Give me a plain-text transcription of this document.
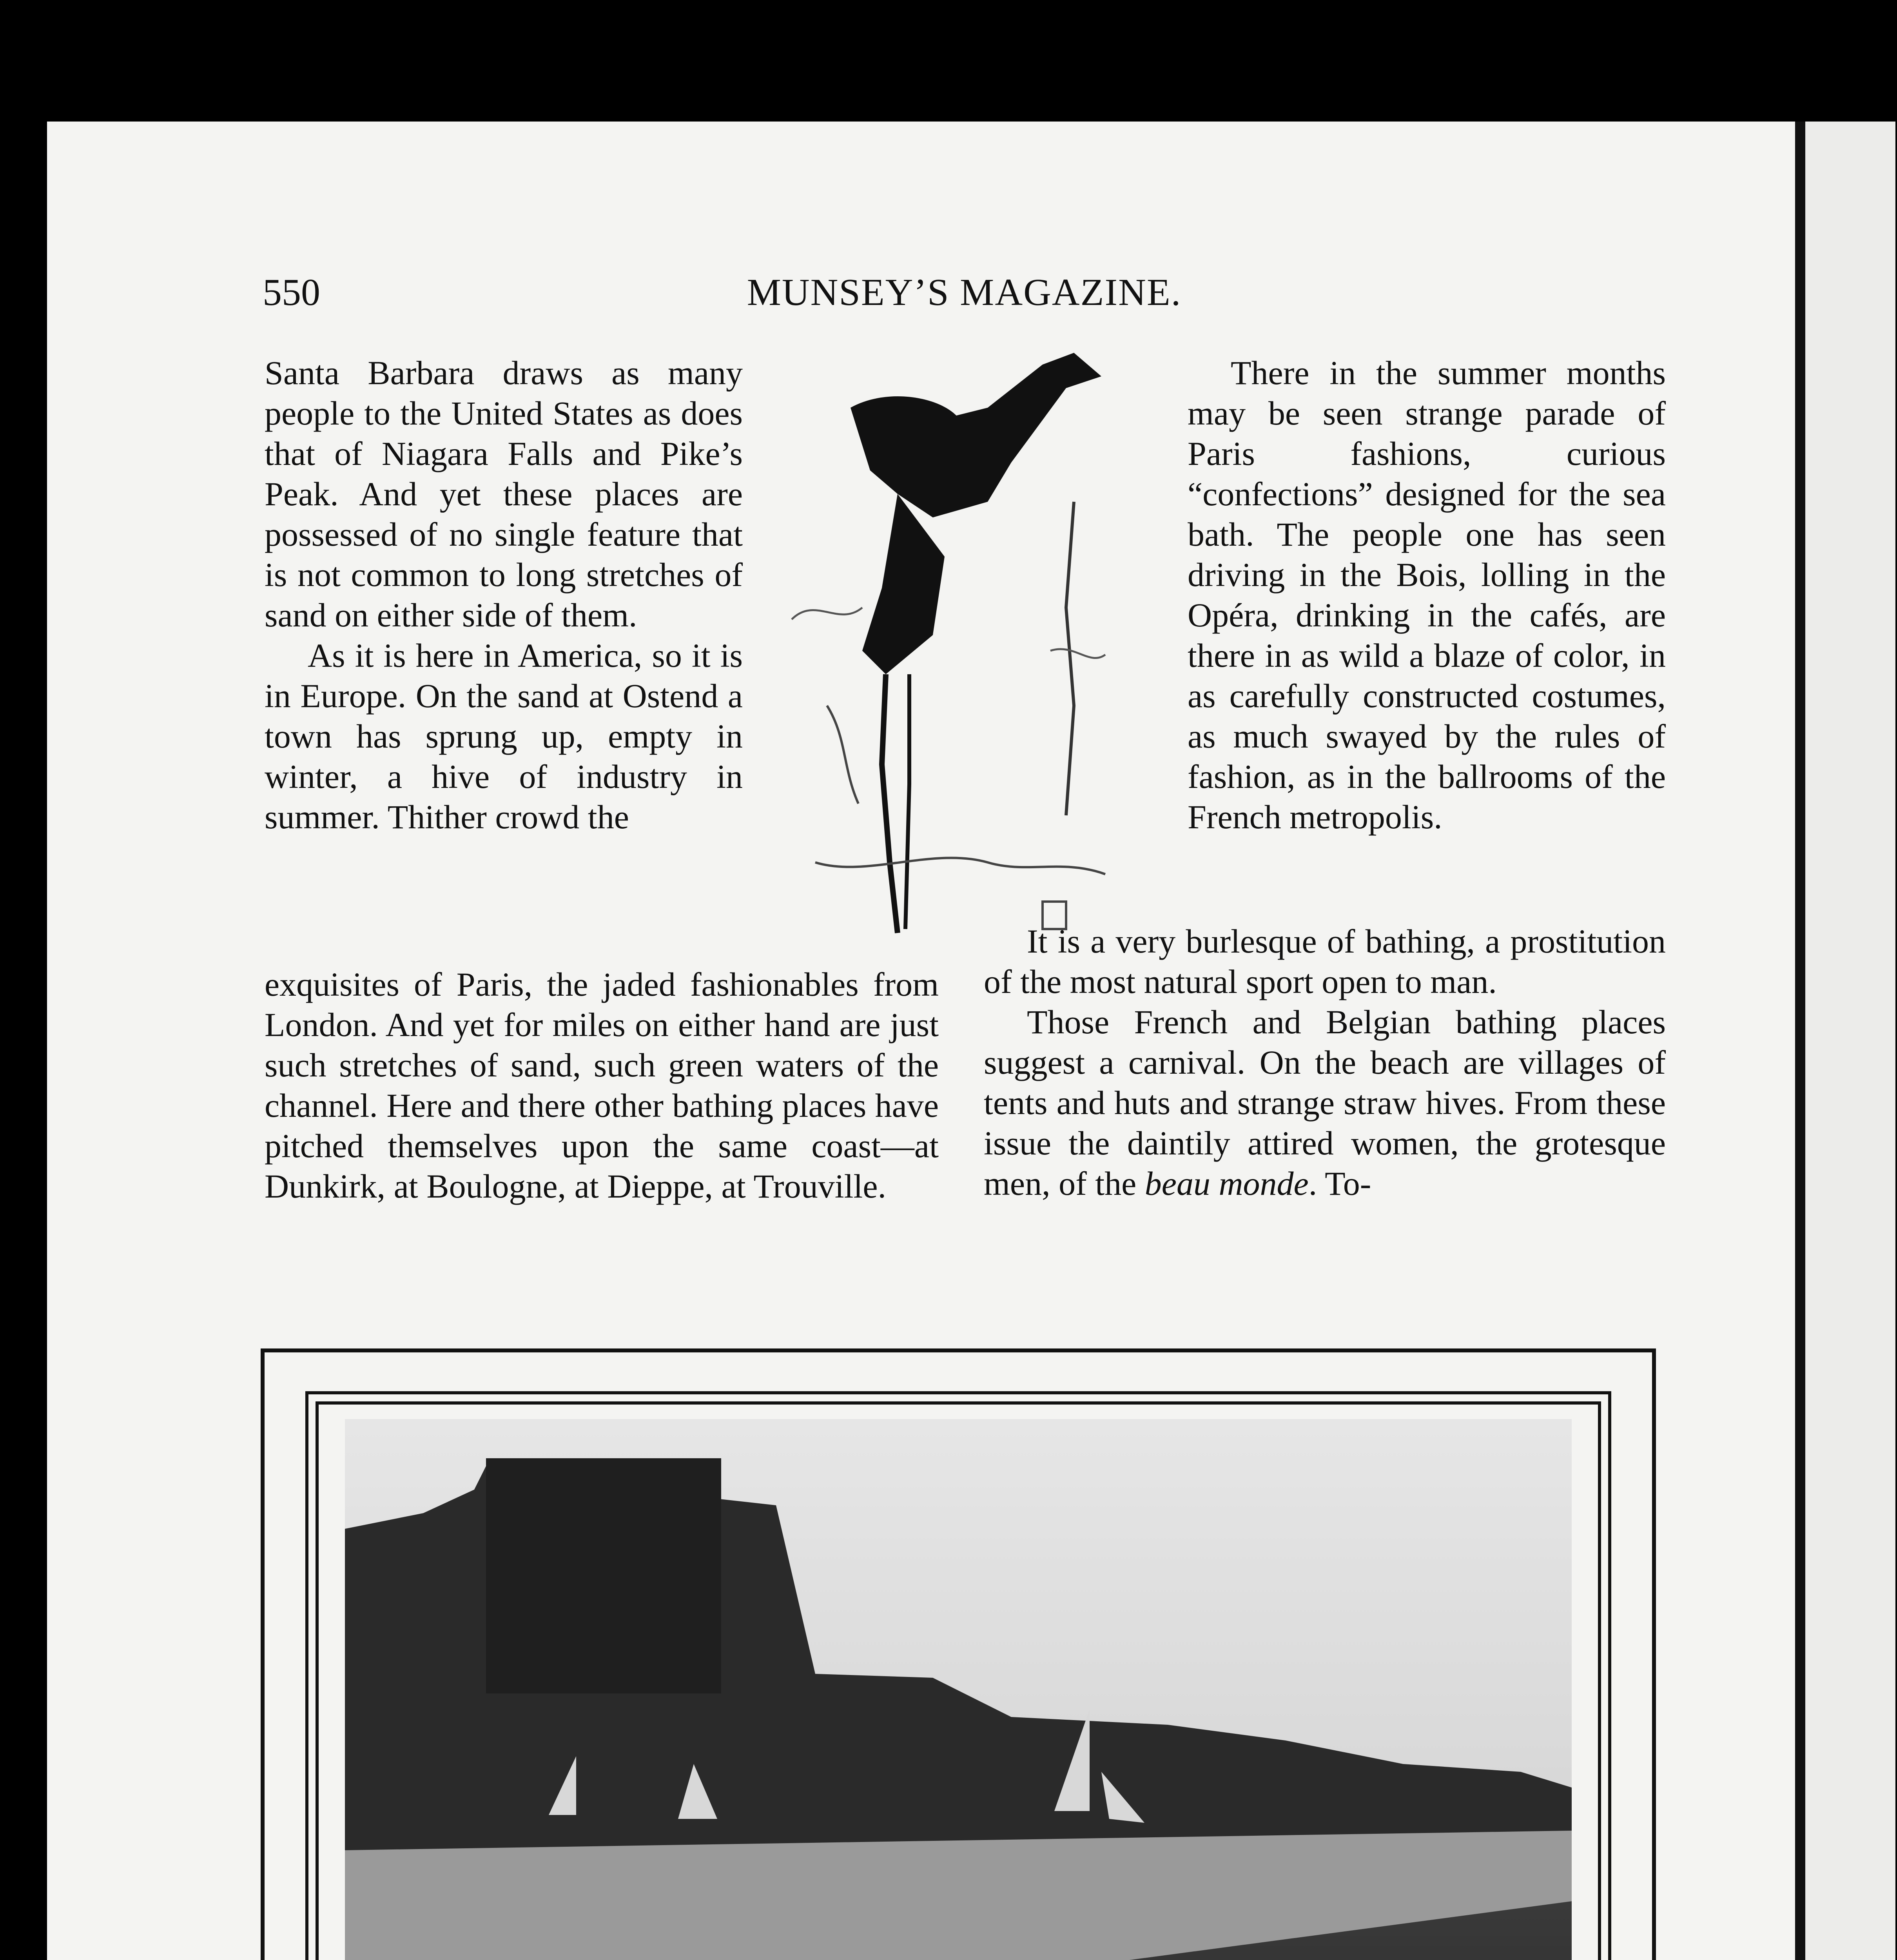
550	MUNSEY’S MAGAZINE.

Santa Barbara draws as many people to the United States as does that of Niagara Falls and Pike’s Peak. And yet these places are possessed of no single feature that is not common to long stretches of sand on either side of them.

As it is here in America, so it is in Europe. On the sand at Ostend a town has sprung up, empty in winter, a hive of industry in summer. Thither crowd the

exquisites of Paris, the jaded fashionables from London. And yet for miles on either hand are just such stretches of sand, such green waters of the channel. Here and there other bathing places have pitched themselves upon the same coast—at Dunkirk, at Boulogne, at Dieppe, at Trouville.

There in the summer months may be seen strange parade of Paris fashions, curious “confections” designed for the sea bath. The people one has seen driving in the Bois, lolling in the Opéra, drinking in the cafés, are there in as wild a blaze of color, in as carefully constructed costumes, as much swayed by the rules of fashion, as in the ballrooms of the French metropolis.

It is a very burlesque of bathing, a prostitution of the most natural sport open to man.

Those French and Belgian bathing places suggest a carnival. On the beach are villages of tents and huts and strange straw hives. From these issue the daintily attired women, the grotesque men, of the beau monde. To-
